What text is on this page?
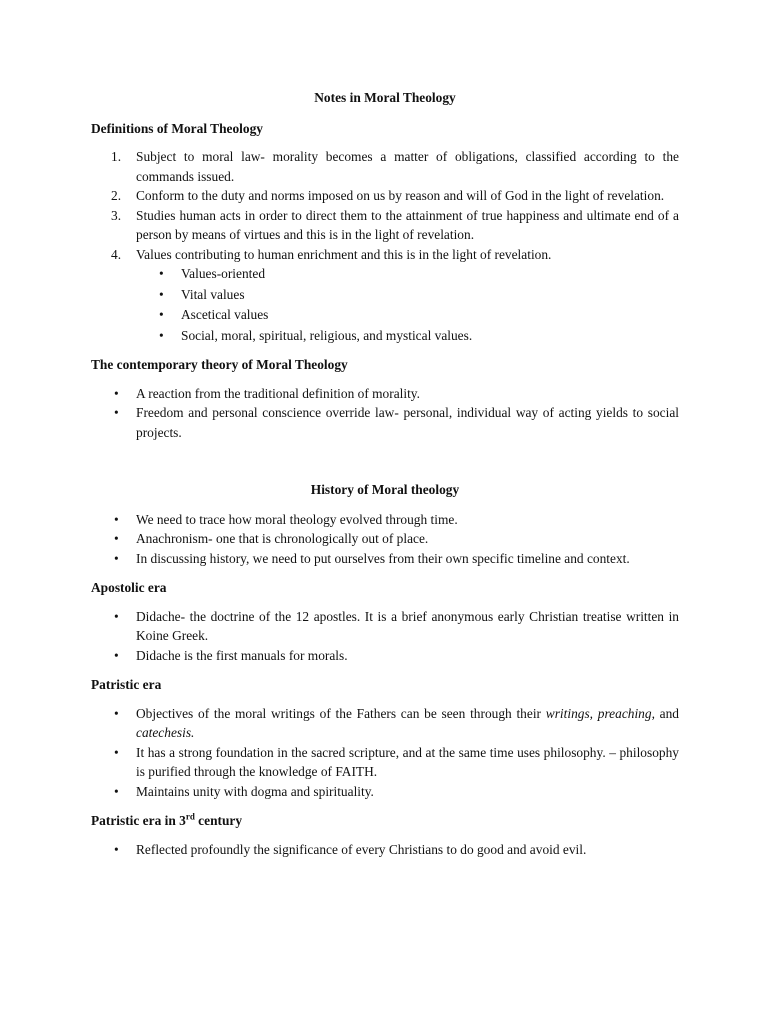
Notes in Moral Theology
Definitions of Moral Theology
1. Subject to moral law- morality becomes a matter of obligations, classified according to the commands issued.
2. Conform to the duty and norms imposed on us by reason and will of God in the light of revelation.
3. Studies human acts in order to direct them to the attainment of true happiness and ultimate end of a person by means of virtues and this is in the light of revelation.
4. Values contributing to human enrichment and this is in the light of revelation.
• Values-oriented
• Vital values
• Ascetical values
• Social, moral, spiritual, religious, and mystical values.
The contemporary theory of Moral Theology
• A reaction from the traditional definition of morality.
• Freedom and personal conscience override law- personal, individual way of acting yields to social projects.
History of Moral theology
• We need to trace how moral theology evolved through time.
• Anachronism- one that is chronologically out of place.
• In discussing history, we need to put ourselves from their own specific timeline and context.
Apostolic era
• Didache- the doctrine of the 12 apostles. It is a brief anonymous early Christian treatise written in Koine Greek.
• Didache is the first manuals for morals.
Patristic era
• Objectives of the moral writings of the Fathers can be seen through their writings, preaching, and catechesis.
• It has a strong foundation in the sacred scripture, and at the same time uses philosophy. – philosophy is purified through the knowledge of FAITH.
• Maintains unity with dogma and spirituality.
Patristic era in 3rd century
• Reflected profoundly the significance of every Christians to do good and avoid evil.
